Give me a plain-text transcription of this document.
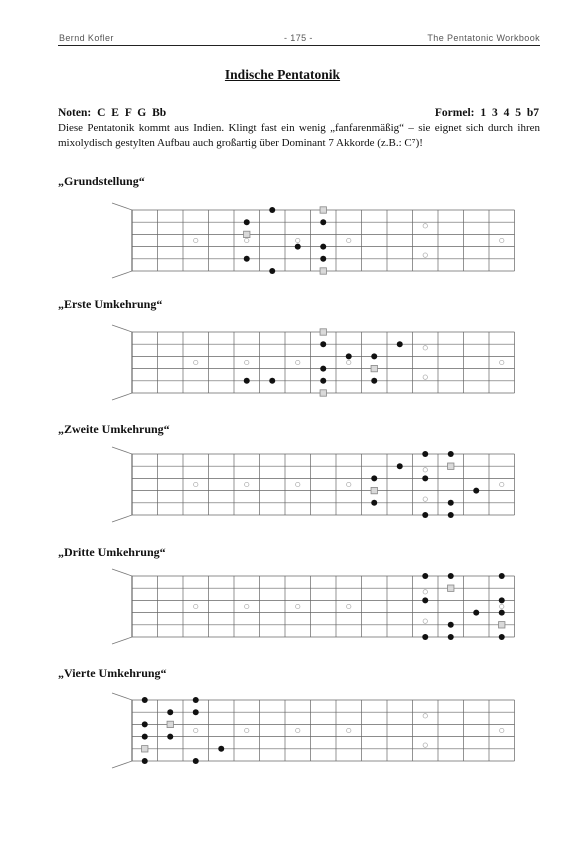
Bernd Kofler	- 175 -	The Pentatonic Workbook
Indische Pentatonik
Noten: C E F G Bb	Formel: 1 3 4 5 b7
Diese Pentatonik kommt aus Indien. Klingt fast ein wenig „fanfarenmäßig“ – sie eignet sich durch ihren mixolydisch gestylten Aufbau auch großartig über Dominant 7 Akkorde (z.B.: C⁷)!
„Grundstellung“
„Erste Umkehrung“
„Zweite Umkehrung“
„Dritte Umkehrung“
„Vierte Umkehrung“
